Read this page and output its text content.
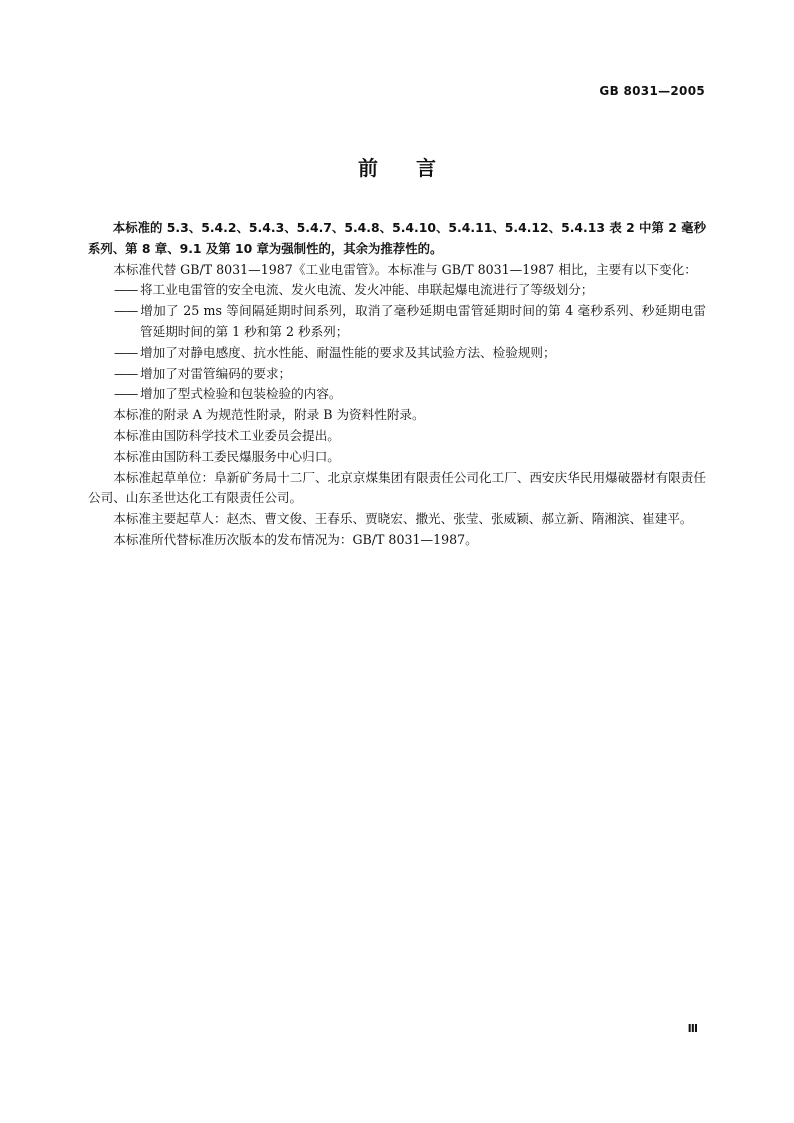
GB 8031—2005
前言

本标准的 5.3、5.4.2、5.4.3、5.4.7、5.4.8、5.4.10、5.4.11、5.4.12、5.4.13 表 2 中第 2 毫秒系列、第 8 章、9.1 及第 10 章为强制性的，其余为推荐性的。

本标准代替 GB/T 8031—1987《工业电雷管》。本标准与 GB/T 8031—1987 相比，主要有以下变化：

—— 将工业电雷管的安全电流、发火电流、发火冲能、串联起爆电流进行了等级划分；

—— 增加了 25 ms 等间隔延期时间系列，取消了毫秒延期电雷管延期时间的第 4 毫秒系列、秒延期电雷管延期时间的第 1 秒和第 2 秒系列；

—— 增加了对静电感度、抗水性能、耐温性能的要求及其试验方法、检验规则；

—— 增加了对雷管编码的要求；

—— 增加了型式检验和包装检验的内容。

本标准的附录 A 为规范性附录，附录 B 为资料性附录。

本标准由国防科学技术工业委员会提出。

本标准由国防科工委民爆服务中心归口。

本标准起草单位：阜新矿务局十二厂、北京京煤集团有限责任公司化工厂、西安庆华民用爆破器材有限责任公司、山东圣世达化工有限责任公司。

本标准主要起草人：赵杰、曹文俊、王春乐、贾晓宏、撒光、张莹、张威颖、郝立新、隋湘滨、崔建平。

本标准所代替标准历次版本的发布情况为：GB/T 8031—1987。

Ⅲ
